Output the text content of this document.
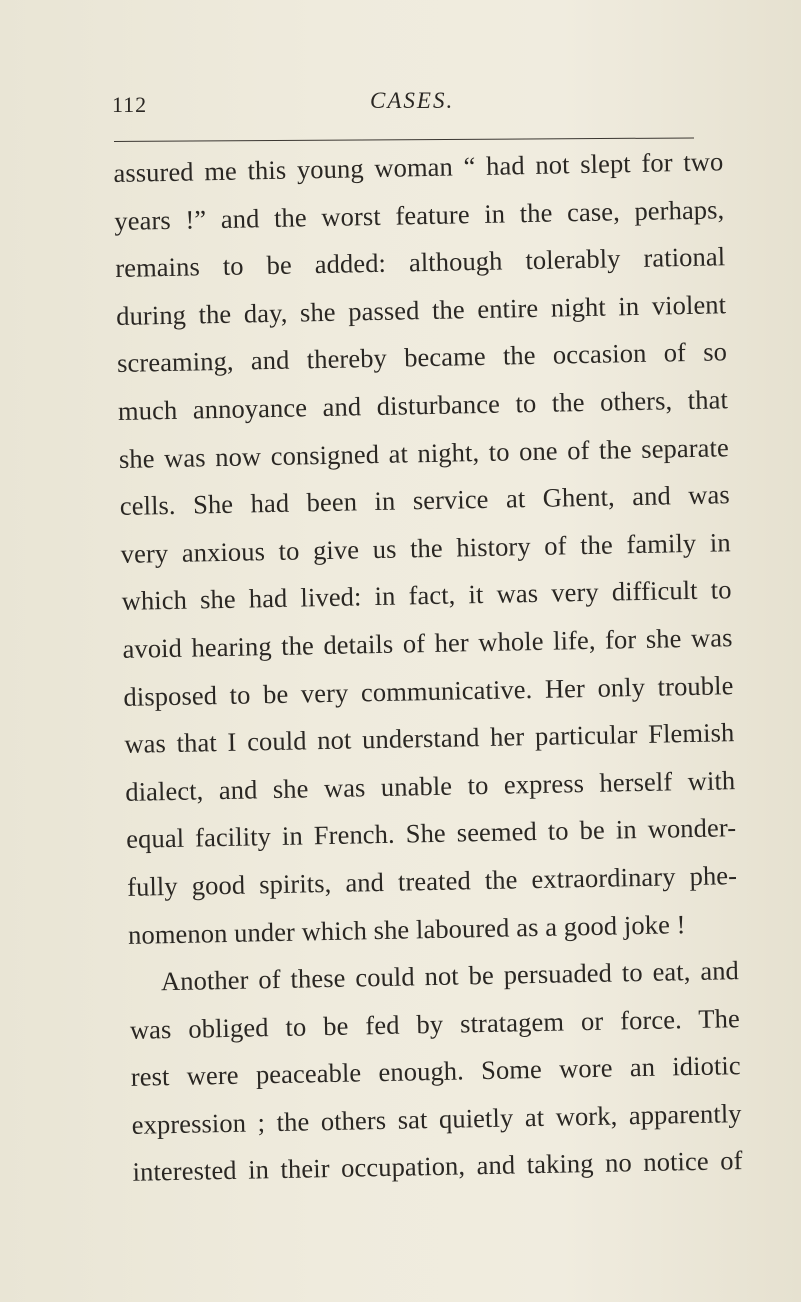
112	CASES.
assured me this young woman “ had not slept for two
years !” and the worst feature in the case, perhaps,
remains to be added: although tolerably rational
during the day, she passed the entire night in violent
screaming, and thereby became the occasion of so
much annoyance and disturbance to the others, that
she was now consigned at night, to one of the separate
cells. She had been in service at Ghent, and was
very anxious to give us the history of the family in
which she had lived: in fact, it was very difficult to
avoid hearing the details of her whole life, for she was
disposed to be very communicative. Her only trouble
was that I could not understand her particular Flemish
dialect, and she was unable to express herself with
equal facility in French. She seemed to be in wonder-
fully good spirits, and treated the extraordinary phe-
nomenon under which she laboured as a good joke !
Another of these could not be persuaded to eat, and
was obliged to be fed by stratagem or force. The
rest were peaceable enough. Some wore an idiotic
expression ; the others sat quietly at work, apparently
interested in their occupation, and taking no notice of
